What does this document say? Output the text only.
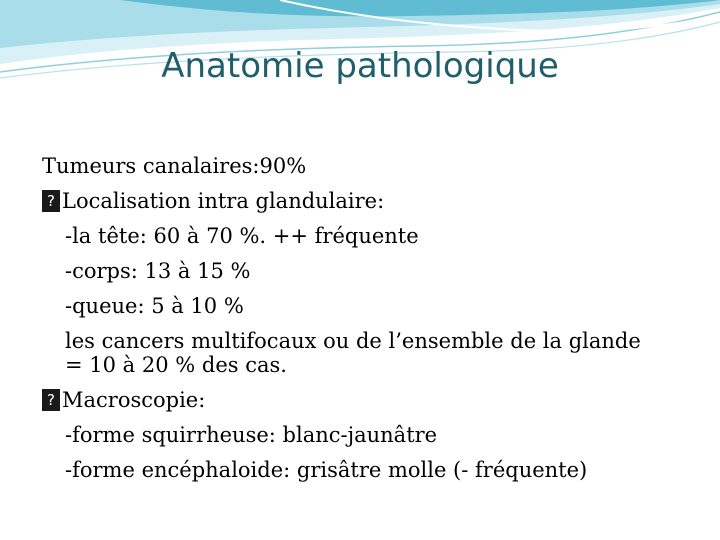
Anatomie pathologique
Tumeurs canalaires:90%
?Localisation intra glandulaire:
-la tête: 60 à 70 %. ++ fréquente
-corps: 13 à 15 %
-queue: 5 à 10 %
les cancers multifocaux ou de l’ensemble de la glande
= 10 à 20 % des cas.
?Macroscopie:
-forme squirrheuse: blanc-jaunâtre
-forme encéphaloide: grisâtre molle (- fréquente)
